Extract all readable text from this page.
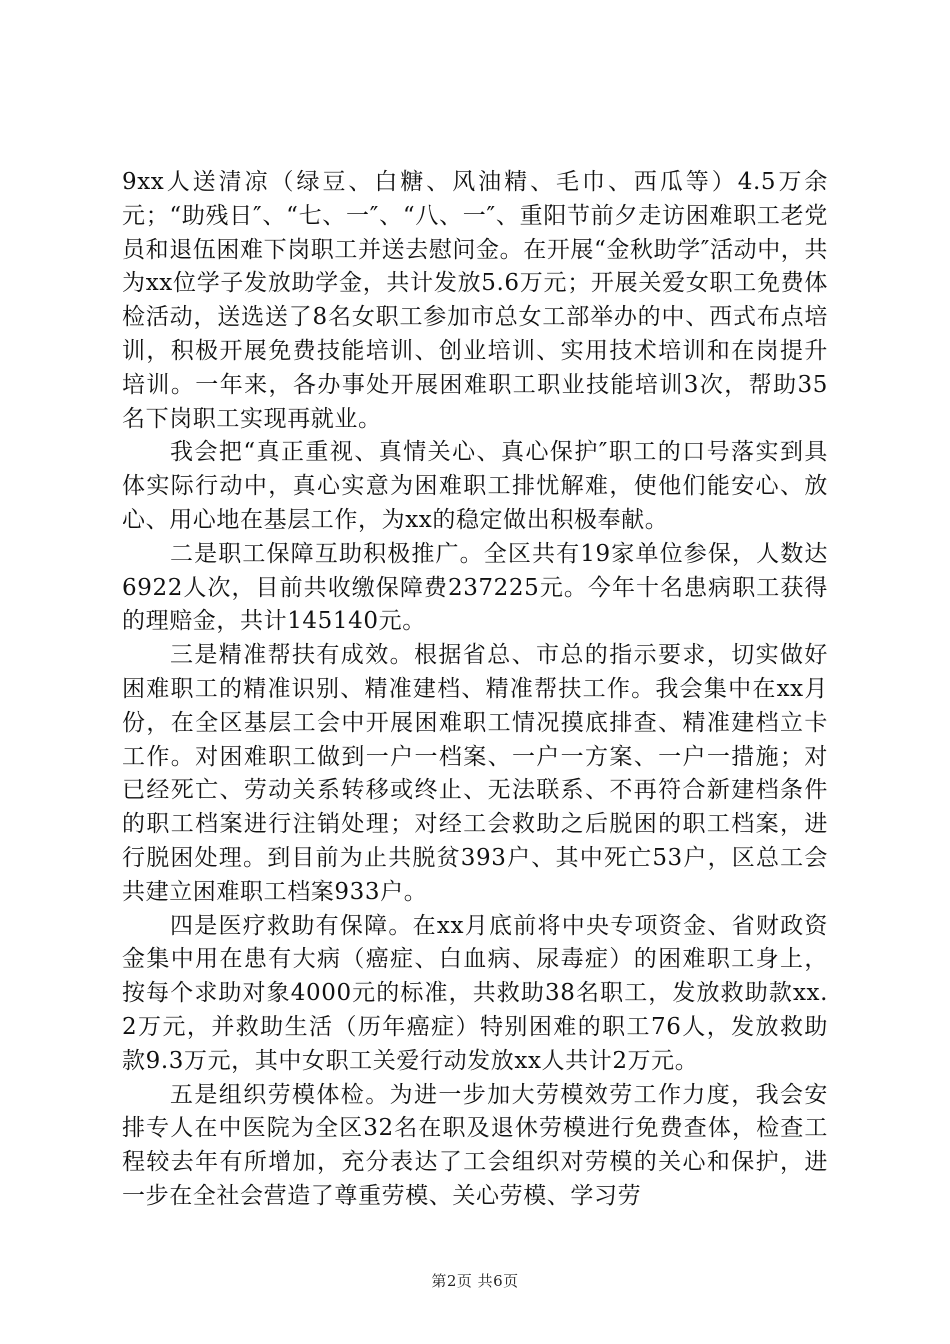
9xx人送清凉（绿豆、白糖、风油精、毛巾、西瓜等）4.5万余元；“助残日″、“七、一″、“八、一″、重阳节前夕走访困难职工老党员和退伍困难下岗职工并送去慰问金。在开展“金秋助学″活动中，共为xx位学子发放助学金，共计发放5.6万元；开展关爱女职工免费体检活动，送选送了8名女职工参加市总女工部举办的中、西式布点培训，积极开展免费技能培训、创业培训、实用技术培训和在岗提升培训。一年来，各办事处开展困难职工职业技能培训3次，帮助35名下岗职工实现再就业。

我会把“真正重视、真情关心、真心保护″职工的口号落实到具体实际行动中，真心实意为困难职工排忧解难，使他们能安心、放心、用心地在基层工作，为xx的稳定做出积极奉献。

二是职工保障互助积极推广。全区共有19家单位参保，人数达6922人次，目前共收缴保障费237225元。今年十名患病职工获得的理赔金，共计145140元。

三是精准帮扶有成效。根据省总、市总的指示要求，切实做好困难职工的精准识别、精准建档、精准帮扶工作。我会集中在xx月份，在全区基层工会中开展困难职工情况摸底排查、精准建档立卡工作。对困难职工做到一户一档案、一户一方案、一户一措施；对已经死亡、劳动关系转移或终止、无法联系、不再符合新建档条件的职工档案进行注销处理；对经工会救助之后脱困的职工档案，进行脱困处理。到目前为止共脱贫393户、其中死亡53户，区总工会共建立困难职工档案933户。

四是医疗救助有保障。在xx月底前将中央专项资金、省财政资金集中用在患有大病（癌症、白血病、尿毒症）的困难职工身上，按每个求助对象4000元的标准，共救助38名职工，发放救助款xx.2万元，并救助生活（历年癌症）特别困难的职工76人，发放救助款9.3万元，其中女职工关爱行动发放xx人共计2万元。

五是组织劳模体检。为进一步加大劳模效劳工作力度，我会安排专人在中医院为全区32名在职及退休劳模进行免费查体，检查工程较去年有所增加，充分表达了工会组织对劳模的关心和保护，进一步在全社会营造了尊重劳模、关心劳模、学习劳

第2页 共6页
